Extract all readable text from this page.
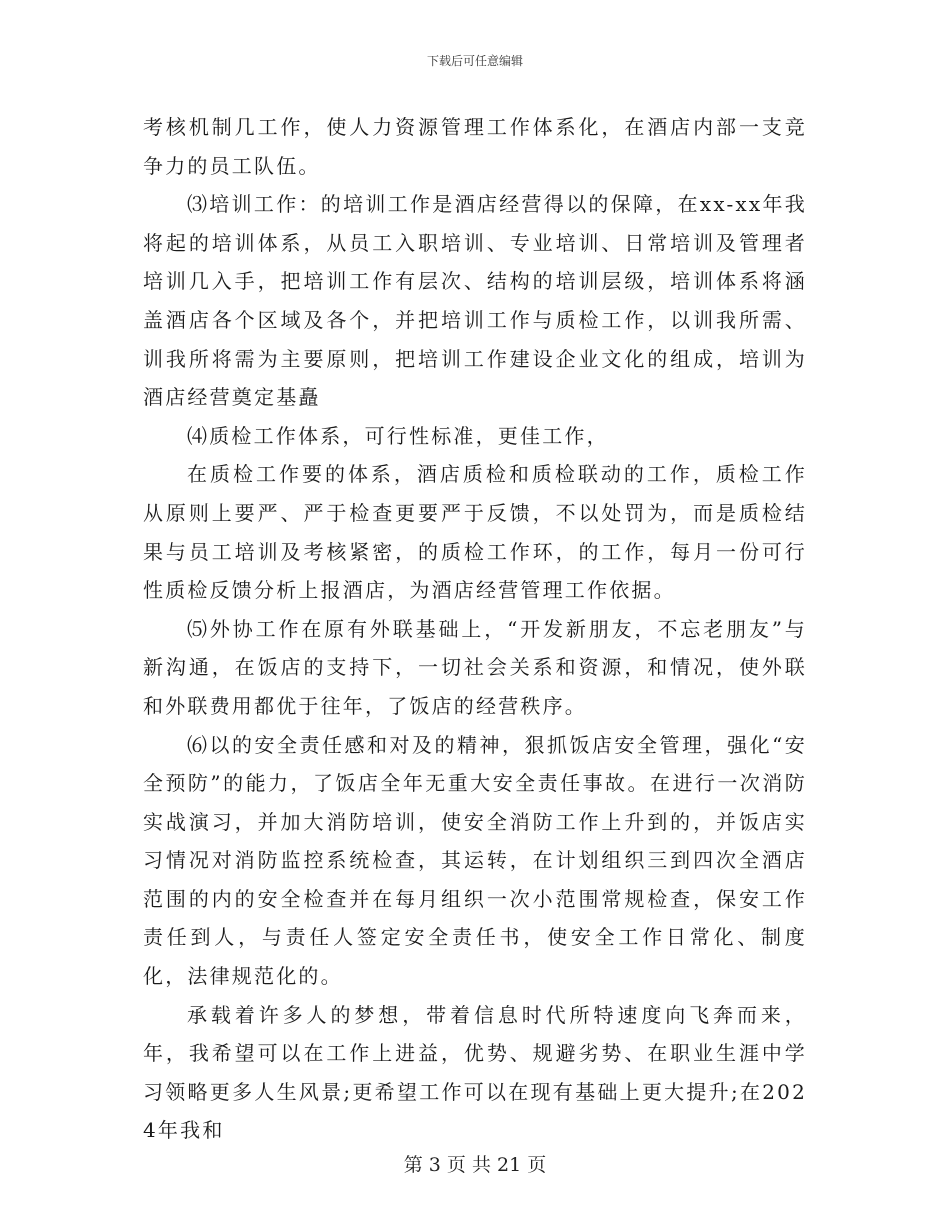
下载后可任意编辑

考核机制几工作，使人力资源管理工作体系化，在酒店内部一支竞争力的员工队伍。

⑶培训工作：的培训工作是酒店经营得以的保障，在xx-xx年我将起的培训体系，从员工入职培训、专业培训、日常培训及管理者培训几入手，把培训工作有层次、结构的培训层级，培训体系将涵盖酒店各个区域及各个，并把培训工作与质检工作，以训我所需、训我所将需为主要原则，把培训工作建设企业文化的组成，培训为酒店经营奠定基矗

⑷质检工作体系，可行性标准，更佳工作，

在质检工作要的体系，酒店质检和质检联动的工作，质检工作从原则上要严、严于检查更要严于反馈，不以处罚为，而是质检结果与员工培训及考核紧密，的质检工作环，的工作，每月一份可行性质检反馈分析上报酒店，为酒店经营管理工作依据。

⑸外协工作在原有外联基础上，“开发新朋友，不忘老朋友”与新沟通，在饭店的支持下，一切社会关系和资源，和情况，使外联和外联费用都优于往年，了饭店的经营秩序。

⑹以的安全责任感和对及的精神，狠抓饭店安全管理，强化“安全预防”的能力，了饭店全年无重大安全责任事故。在进行一次消防实战演习，并加大消防培训，使安全消防工作上升到的，并饭店实习情况对消防监控系统检查，其运转，在计划组织三到四次全酒店范围的内的安全检查并在每月组织一次小范围常规检查，保安工作责任到人，与责任人签定安全责任书，使安全工作日常化、制度化，法律规范化的。

承载着许多人的梦想，带着信息时代所特速度向飞奔而来，年，我希望可以在工作上进益，优势、规避劣势、在职业生涯中学习领略更多人生风景;更希望工作可以在现有基础上更大提升;在2024年我和

第 3 页 共 21 页
